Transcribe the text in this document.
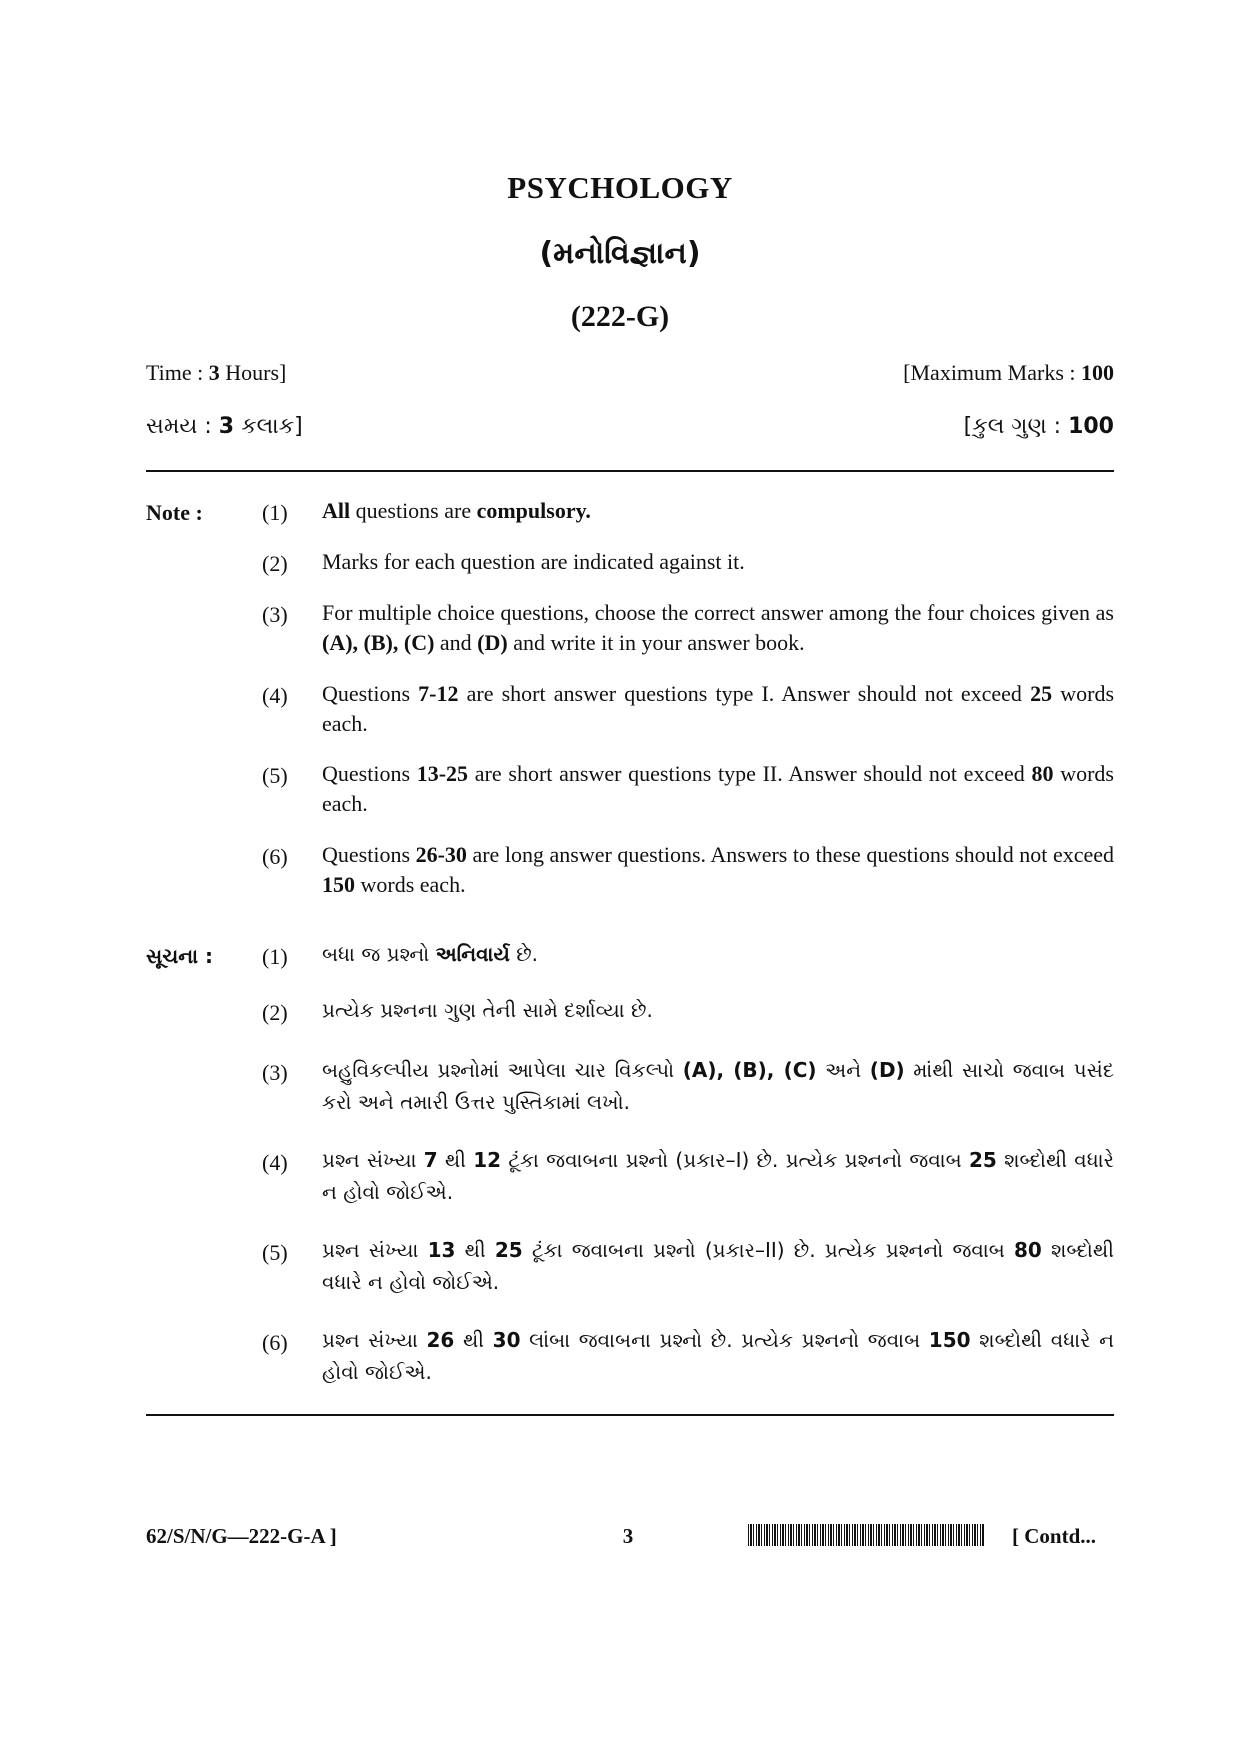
PSYCHOLOGY
(મનોવિજ્ઞાન)
(222-G)
Time : 3 Hours]	[Maximum Marks : 100
સમય : 3 કલાક]	[કુલ ગુણ : 100
Note :	(1) All questions are compulsory.
(2) Marks for each question are indicated against it.
(3) For multiple choice questions, choose the correct answer among the four choices given as (A), (B), (C) and (D) and write it in your answer book.
(4) Questions 7-12 are short answer questions type I. Answer should not exceed 25 words each.
(5) Questions 13-25 are short answer questions type II. Answer should not exceed 80 words each.
(6) Questions 26-30 are long answer questions. Answers to these questions should not exceed 150 words each.
સૂચના : (1) બધા જ પ્રશ્નો અનિવાર્ય છે.
(2) પ્રત્યેક પ્રશ્નના ગુણ તેની સામે દર્શાવ્યા છે.
(3) બહુવિકલ્પીય પ્રશ્નોમાં આપેલા ચાર વિકલ્પો (A), (B), (C) અને (D) માંથી સાચો જવાબ પસંદ કરો અને તમારી ઉત્તર પુસ્તિકામાં લખો.
(4) પ્રશ્ન સંખ્યા 7 થી 12 ટૂંકા જવાબના પ્રશ્નો (પ્રકાર–I) છે. પ્રત્યેક પ્રશ્નનો જવાબ 25 શબ્દોથી વધારે ન હોવો જોઈએ.
(5) પ્રશ્ન સંખ્યા 13 થી 25 ટૂંકા જવાબના પ્રશ્નો (પ્રકાર–II) છે. પ્રત્યેક પ્રશ્નનો જવાબ 80 શબ્દોથી વધારે ન હોવો જોઈએ.
(6) પ્રશ્ન સંખ્યા 26 થી 30 લાંબા જવાબના પ્રશ્નો છે. પ્રત્યેક પ્રશ્નનો જવાબ 150 શબ્દોથી વધારે ન હોવો જોઈએ.
62/S/N/G—222-G-A ]	3	[ Contd...
